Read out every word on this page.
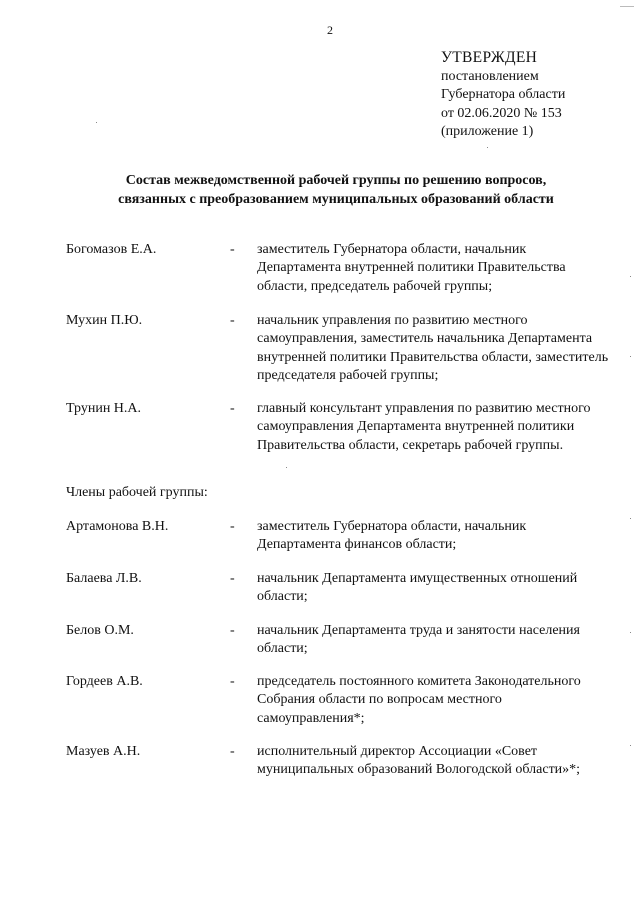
2
УТВЕРЖДЕН
постановлением
Губернатора области
от 02.06.2020 № 153
(приложение 1)
Состав межведомственной рабочей группы по решению вопросов,
связанных с преобразованием муниципальных образований области
Богомазов Е.А.	- заместитель Губернатора области, начальник Департамента внутренней политики Правительства области, председатель рабочей группы;
Мухин П.Ю.	- начальник управления по развитию местного самоуправления, заместитель начальника Департамента внутренней политики Правительства области, заместитель председателя рабочей группы;
Трунин Н.А.	- главный консультант управления по развитию местного самоуправления Департамента внутренней политики Правительства области, секретарь рабочей группы.
Члены рабочей группы:
Артамонова В.Н.	- заместитель Губернатора области, начальник Департамента финансов области;
Балаева Л.В.	- начальник Департамента имущественных отношений области;
Белов О.М.	- начальник Департамента труда и занятости населения области;
Гордеев А.В.	- председатель постоянного комитета Законодательного Собрания области по вопросам местного самоуправления*;
Мазуев А.Н.	- исполнительный директор Ассоциации «Совет муниципальных образований Вологодской области»*;
